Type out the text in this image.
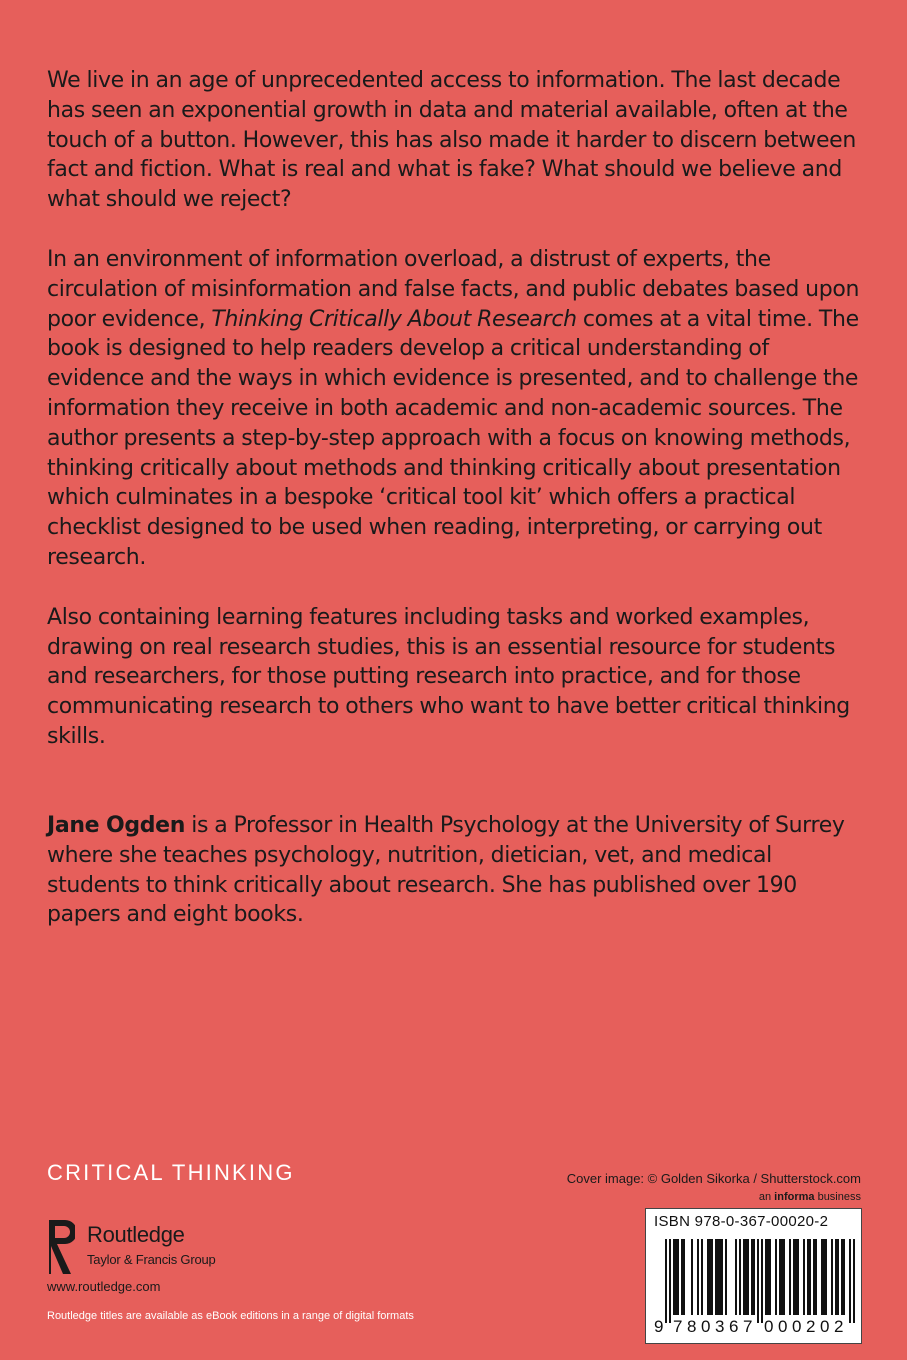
We live in an age of unprecedented access to information. The last decade has seen an exponential growth in data and material available, often at the touch of a button. However, this has also made it harder to discern between fact and fiction. What is real and what is fake? What should we believe and what should we reject?

In an environment of information overload, a distrust of experts, the circulation of misinformation and false facts, and public debates based upon poor evidence, Thinking Critically About Research comes at a vital time. The book is designed to help readers develop a critical understanding of evidence and the ways in which evidence is presented, and to challenge the information they receive in both academic and non-academic sources. The author presents a step-by-step approach with a focus on knowing methods, thinking critically about methods and thinking critically about presentation which culminates in a bespoke ‘critical tool kit’ which offers a practical checklist designed to be used when reading, interpreting, or carrying out research.

Also containing learning features including tasks and worked examples, drawing on real research studies, this is an essential resource for students and researchers, for those putting research into practice, and for those communicating research to others who want to have better critical thinking skills.

Jane Ogden is a Professor in Health Psychology at the University of Surrey where she teaches psychology, nutrition, dietician, vet, and medical students to think critically about research. She has published over 190 papers and eight books.

CRITICAL THINKING
Routledge
Taylor & Francis Group
www.routledge.com
Routledge titles are available as eBook editions in a range of digital formats
Cover image: © Golden Sikorka / Shutterstock.com
an informa business
ISBN 978-0-367-00020-2
9 7 8 0 3 6 7 0 0 0 2 0 2
